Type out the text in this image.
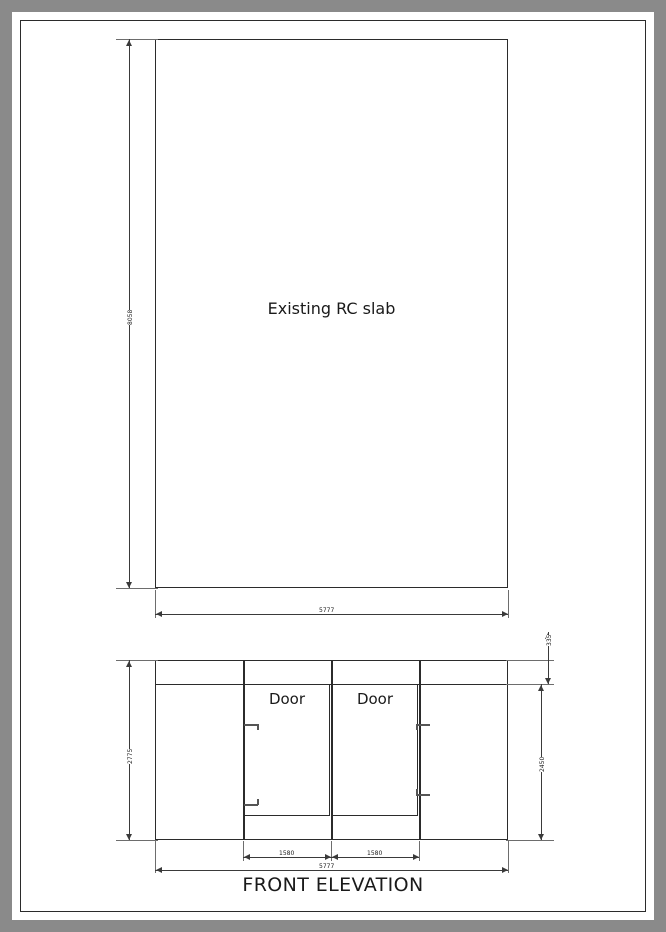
Existing RC slab
8058
5777
Door	Door
2775
2450
335
1580	1580
5777
FRONT ELEVATION
